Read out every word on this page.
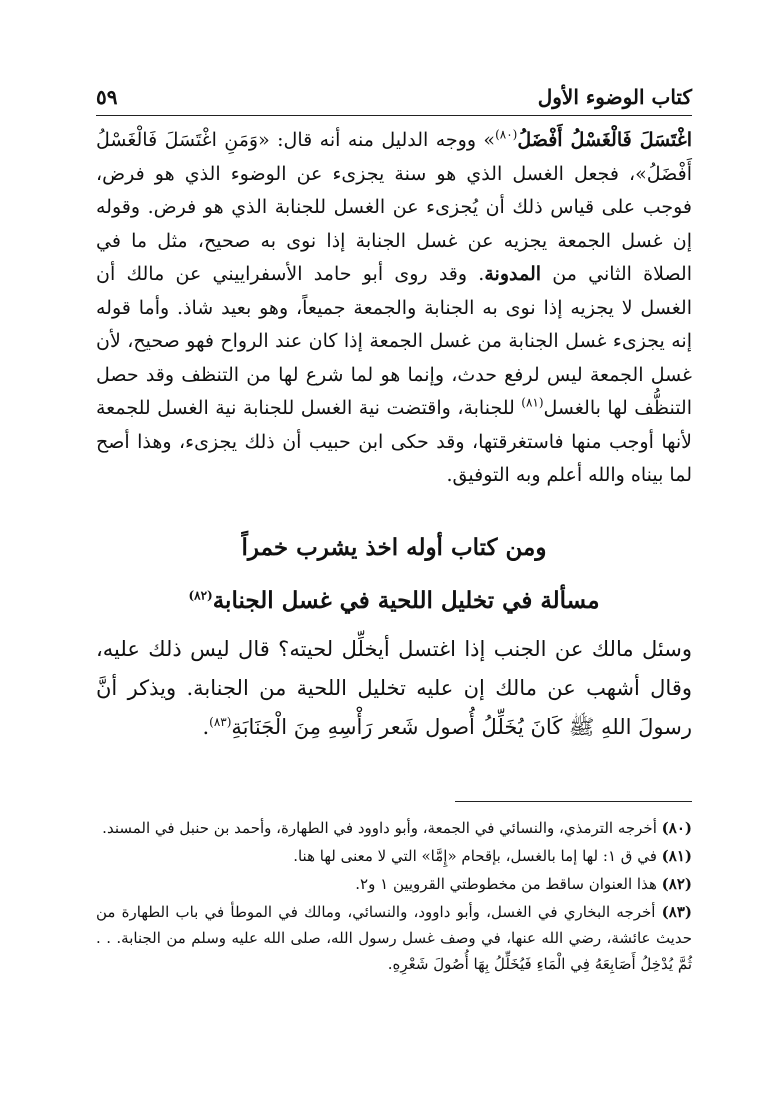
كتاب الوضوء الأول
٥٩

اغْتَسَلَ فَالْغَسْلُ أَفْضَلُ$^{(٨٠)}$» ووجه الدليل منه أنه قال: «وَمَنِ اغْتَسَلَ فَالْغَسْلُ أَفْضَلُ»، فجعل الغسل الذي هو سنة يجزىء عن الوضوء الذي هو فرض، فوجب على قياس ذلك أن يُجزىء عن الغسل للجنابة الذي هو فرض. وقوله إن غسل الجمعة يجزيه عن غسل الجنابة إذا نوى به صحيح، مثل ما في الصلاة الثاني من المدونة. وقد روى أبو حامد الأسفراييني عن مالك أن الغسل لا يجزيه إذا نوى به الجنابة والجمعة جميعاً، وهو بعيد شاذ. وأما قوله إنه يجزىء غسل الجنابة من غسل الجمعة إذا كان عند الرواح فهو صحيح، لأن غسل الجمعة ليس لرفع حدث، وإنما هو لما شرع لها من التنظف وقد حصل التنظُّف لها بالغسل$^{(٨١)}$ للجنابة، واقتضت نية الغسل للجنابة نية الغسل للجمعة لأنها أوجب منها فاستغرقتها، وقد حكى ابن حبيب أن ذلك يجزىء، وهذا أصح لما بيناه والله أعلم وبه التوفيق.

ومن كتاب أوله اخذ يشرب خمراً
مسألة في تخليل اللحية في غسل الجنابة$^{(٨٢)}$

وسئل مالك عن الجنب إذا اغتسل أيخلِّل لحيته؟ قال ليس ذلك عليه، وقال أشهب عن مالك إن عليه تخليل اللحية من الجنابة. ويذكر أنَّ رسولَ اللهِ ﷺ كَانَ يُخَلِّلُ أُصول شَعر رَأْسِهِ مِنَ الْجَنَابَةِ$^{(٨٣)}$.

(٨٠) أخرجه الترمذي، والنسائي في الجمعة، وأبو داوود في الطهارة، وأحمد بن حنبل في المسند.

(٨١) في ق ١: لها إما بالغسل، بإقحام «إِمَّا» التي لا معنى لها هنا.

(٨٢) هذا العنوان ساقط من مخطوطتي القرويين ١ و٢.

(٨٣) أخرجه البخاري في الغسل، وأبو داوود، والنسائي، ومالك في الموطأ في باب الطهارة من حديث عائشة، رضي الله عنها، في وصف غسل رسول الله، صلى الله عليه وسلم من الجنابة. . . ثُمَّ يُدْخِلُ أَصَابِعَهُ فِي الْمَاءِ فَيُخَلِّلُ بِهَا أُصُولَ شَعْرِهِ.
